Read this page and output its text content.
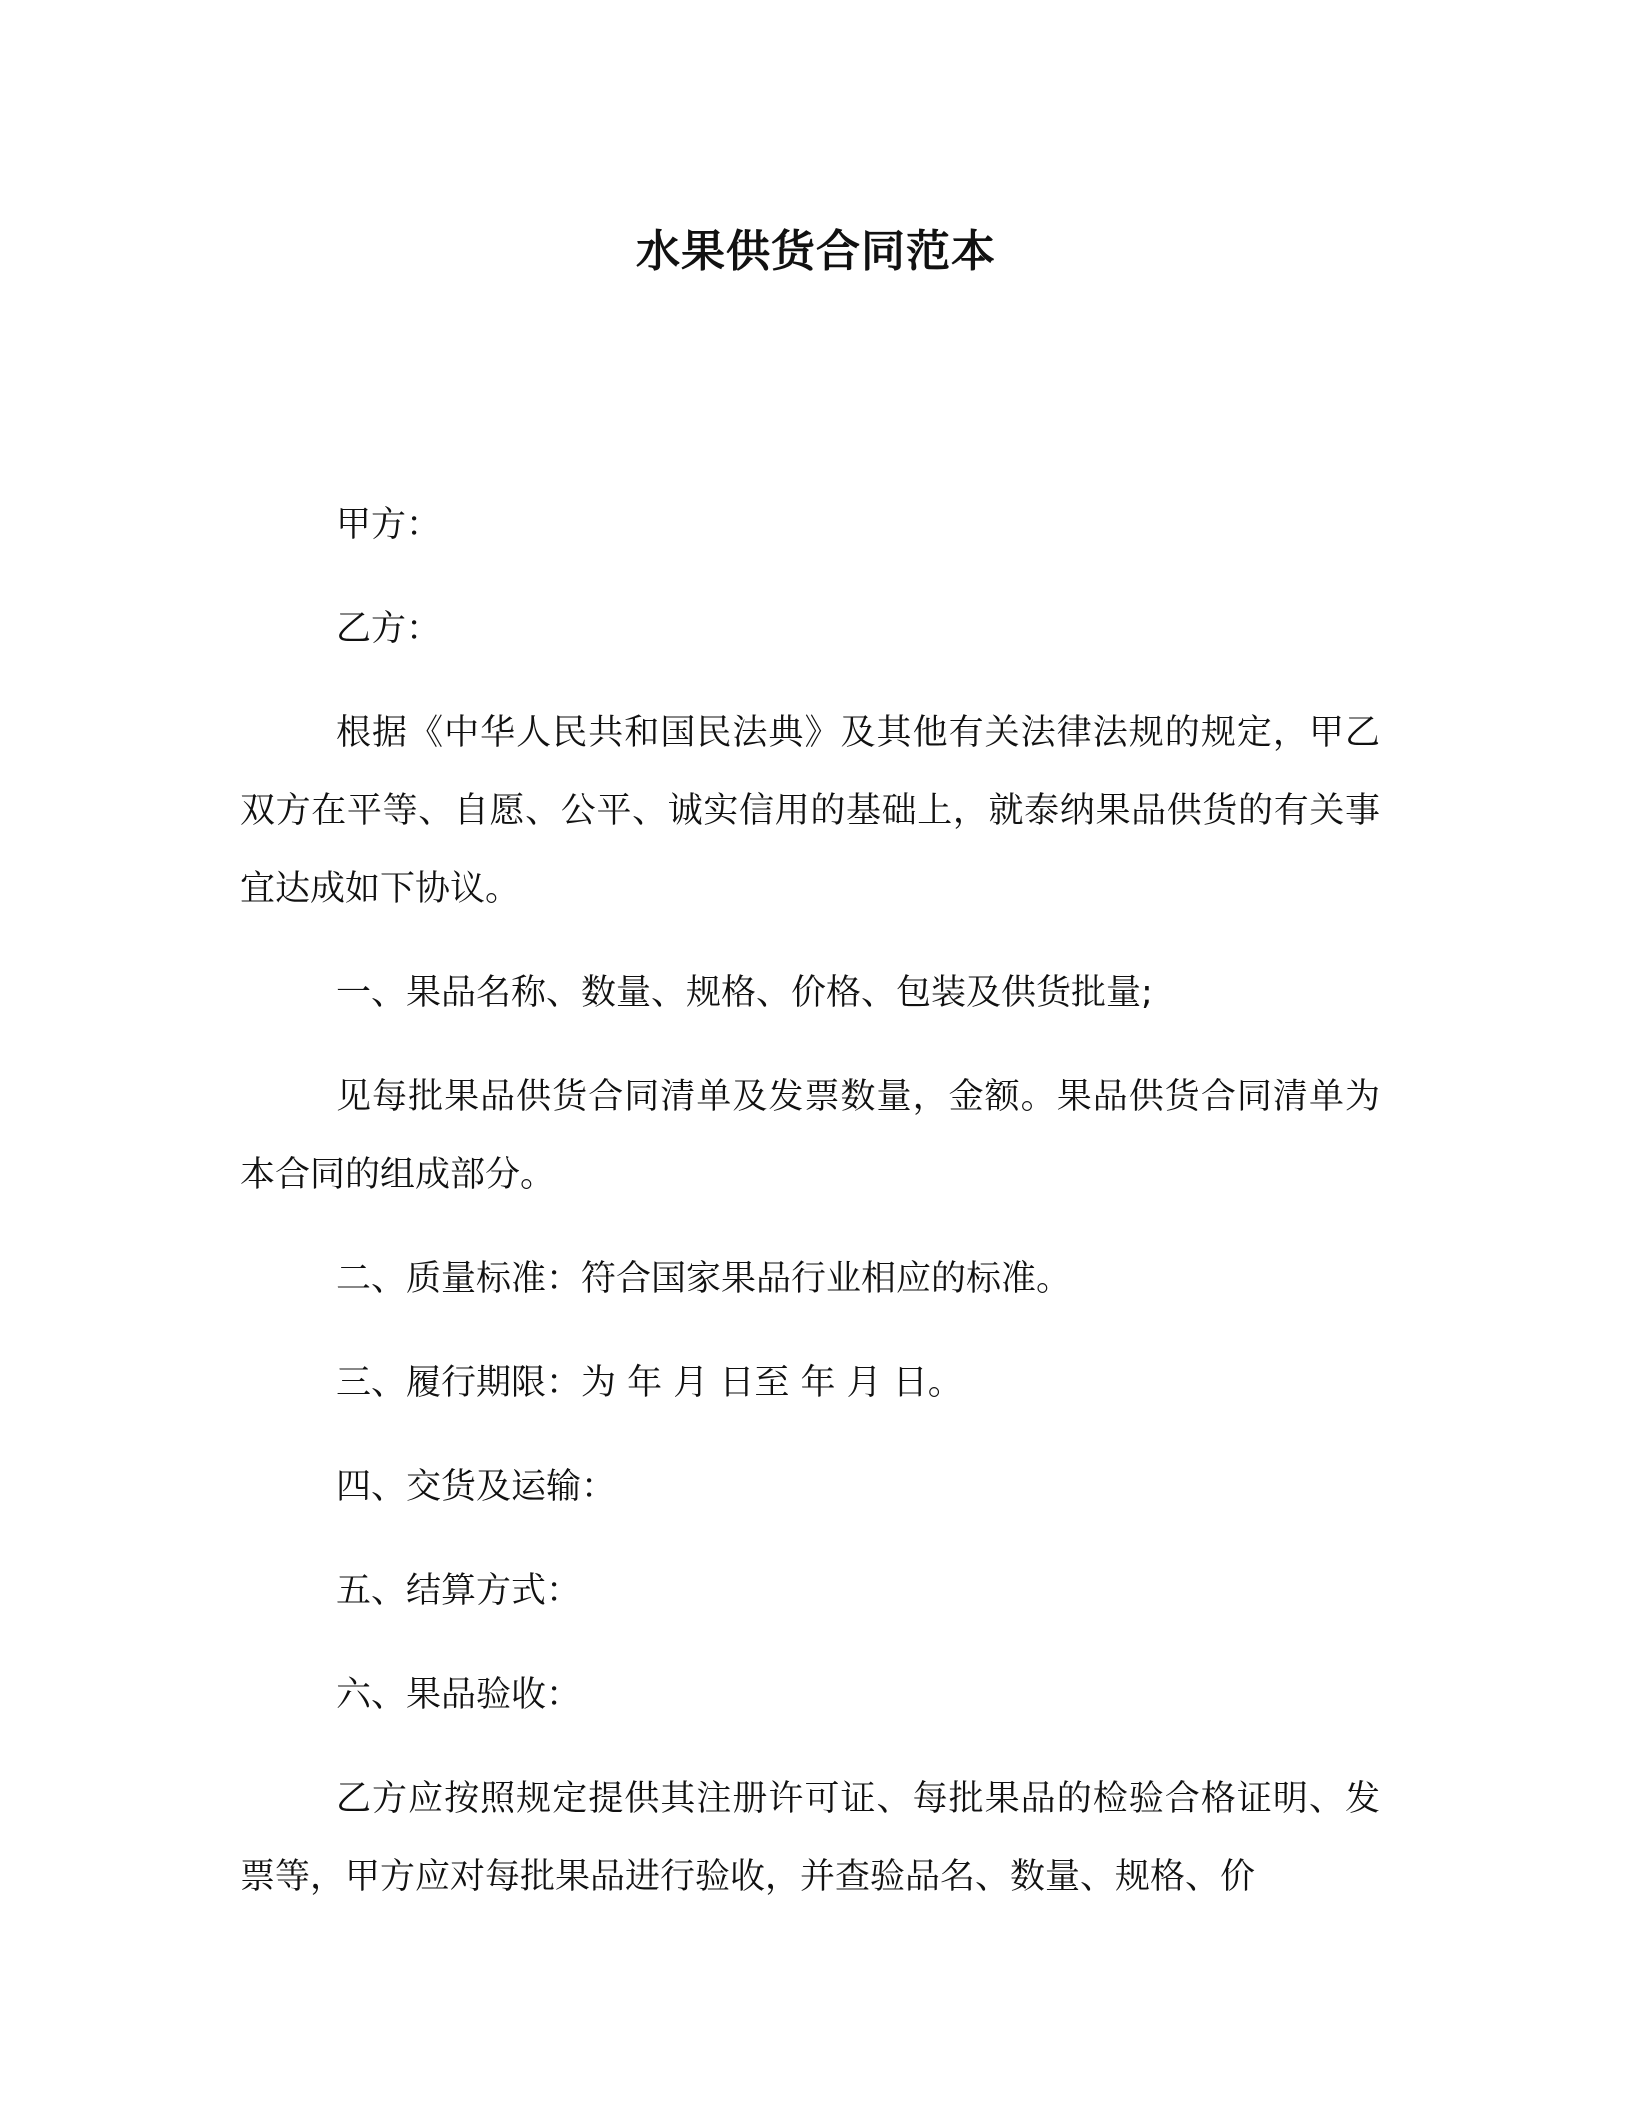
水果供货合同范本

甲方：

乙方：

根据《中华人民共和国民法典》及其他有关法律法规的规定，甲乙双方在平等、自愿、公平、诚实信用的基础上，就泰纳果品供货的有关事宜达成如下协议。

一、果品名称、数量、规格、价格、包装及供货批量;

见每批果品供货合同清单及发票数量，金额。果品供货合同清单为本合同的组成部分。

二、质量标准：符合国家果品行业相应的标准。

三、履行期限：为 年 月 日至 年 月 日。

四、交货及运输：

五、结算方式：

六、果品验收：

乙方应按照规定提供其注册许可证、每批果品的检验合格证明、发票等，甲方应对每批果品进行验收，并查验品名、数量、规格、价
